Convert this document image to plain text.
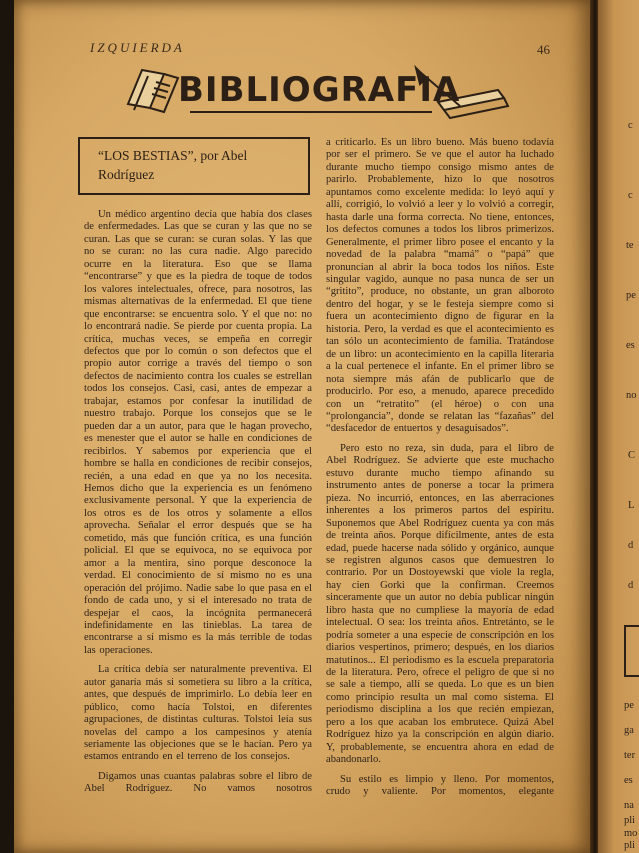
IZQUIERDA	46
BIBLIOGRAFIA
“LOS BESTIAS”, por Abel
Rodríguez

Un médico argentino decía que había dos clases de enfermedades. Las que se curan y las que no se curan. Las que se curan: se curan solas. Y las que no se curan: no las cura nadie. Algo parecido ocurre en la literatura. Eso que se llama “encontrarse” y que es la piedra de toque de todos los valores intelectuales, ofrece, para nosotros, las mismas alternativas de la enfermedad. El que tiene que encontrarse: se encuentra solo. Y el que no: no lo encontrará nadie. Se pierde por cuenta propia. La crítica, muchas veces, se empeña en corregir defectos que por lo común o son defectos que el propio autor corrige a través del tiempo o son defectos de nacimiento contra los cuales se estrellan todos los consejos. Casi, casi, antes de empezar a trabajar, estamos por confesar la inutilidad de nuestro trabajo. Porque los consejos que se le pueden dar a un autor, para que le hagan provecho, es menester que el autor se halle en condiciones de recibirlos. Y sabemos por experiencia que el hombre se halla en condiciones de recibir consejos, recién, a una edad en que ya no los necesita. Hemos dicho que la experiencia es un fenómeno exclusivamente personal. Y que la experiencia de los otros es de los otros y solamente a ellos aprovecha. Señalar el error después que se ha cometido, más que función crítica, es una función policial. El que se equivoca, no se equivoca por amor a la mentira, sino porque desconoce la verdad. El conocimiento de sí mismo no es una operación del prójimo. Nadie sabe lo que pasa en el fondo de cada uno, y si el interesado no trata de despejar el caos, la incógnita permanecerá indefinidamente en las tinieblas. La tarea de encontrarse a sí mismo es la más terrible de todas las operaciones.

La crítica debía ser naturalmente preventiva. El autor ganaría más si sometiera su libro a la crítica, antes, que después de imprimirlo. Lo debía leer en público, como hacía Tolstoi, en diferentes agrupaciones, de distintas culturas. Tolstoi leía sus novelas del campo a los campesinos y atenía seriamente las objeciones que se le hacían. Pero ya estamos entrando en el terreno de los consejos.

Digamos unas cuantas palabras sobre el libro de Abel Rodríguez. No vamos nosotros

a criticarlo. Es un libro bueno. Más bueno todavía por ser el primero. Se ve que el autor ha luchado durante mucho tiempo consigo mismo antes de parirlo. Probablemente, hizo lo que nosotros apuntamos como excelente medida: lo leyó aquí y allí, corrigió, lo volvió a leer y lo volvió a corregir, hasta darle una forma correcta. No tiene, entonces, los defectos comunes a todos los libros primerizos. Generalmente, el primer libro posee el encanto y la novedad de la palabra “mamá” o “papá” que pronuncian al abrir la boca todos los niños. Este singular vagido, aunque no pasa nunca de ser un “gritito”, produce, no obstante, un gran alboroto dentro del hogar, y se le festeja siempre como si fuera un acontecimiento digno de figurar en la historia. Pero, la verdad es que el acontecimiento es tan sólo un acontecimiento de familia. Tratándose de un libro: un acontecimiento en la capilla literaria a la cual pertenece el infante. En el primer libro se nota siempre más afán de publicarlo que de producirlo. Por eso, a menudo, aparece precedido con un “retratito” (el héroe) o con una “prolongancia”, donde se relatan las “fazañas” del “desfacedor de entuertos y desaguisados”.

Pero esto no reza, sin duda, para el libro de Abel Rodríguez. Se advierte que este muchacho estuvo durante mucho tiempo afinando su instrumento antes de ponerse a tocar la primera pieza. No incurrió, entonces, en las aberraciones inherentes a los primeros partos del espíritu. Suponemos que Abel Rodríguez cuenta ya con más de treinta años. Porque difícilmente, antes de esta edad, puede hacerse nada sólido y orgánico, aunque se registren algunos casos que demuestren lo contrario. Por un Dostoyewski que viole la regla, hay cien Gorki que la confirman. Creemos sinceramente que un autor no debía publicar ningún libro hasta que no cumpliese la mayoría de edad intelectual. O sea: los treinta años. Entretánto, se le podría someter a una especie de conscripción en los diarios vespertinos, primero; después, en los diarios matutinos... El periodismo es la escuela preparatoria de la literatura. Pero, ofrece el peligro de que si no se sale a tiempo, allí se queda. Lo que es un bien como principio resulta un mal como sistema. El periodismo disciplina a los que recién empiezan, pero a los que acaban los embrutece. Quizá Abel Rodríguez hizo ya la conscripción en algún diario. Y, probablemente, se encuentra ahora en edad de abandonarlo.

Su estilo es limpio y lleno. Por momentos, crudo y valiente. Por momentos, elegante

c
c
te
pe
es
no
C
L
d
d
pe
ga
ter
es
na
pli
mo
pli
